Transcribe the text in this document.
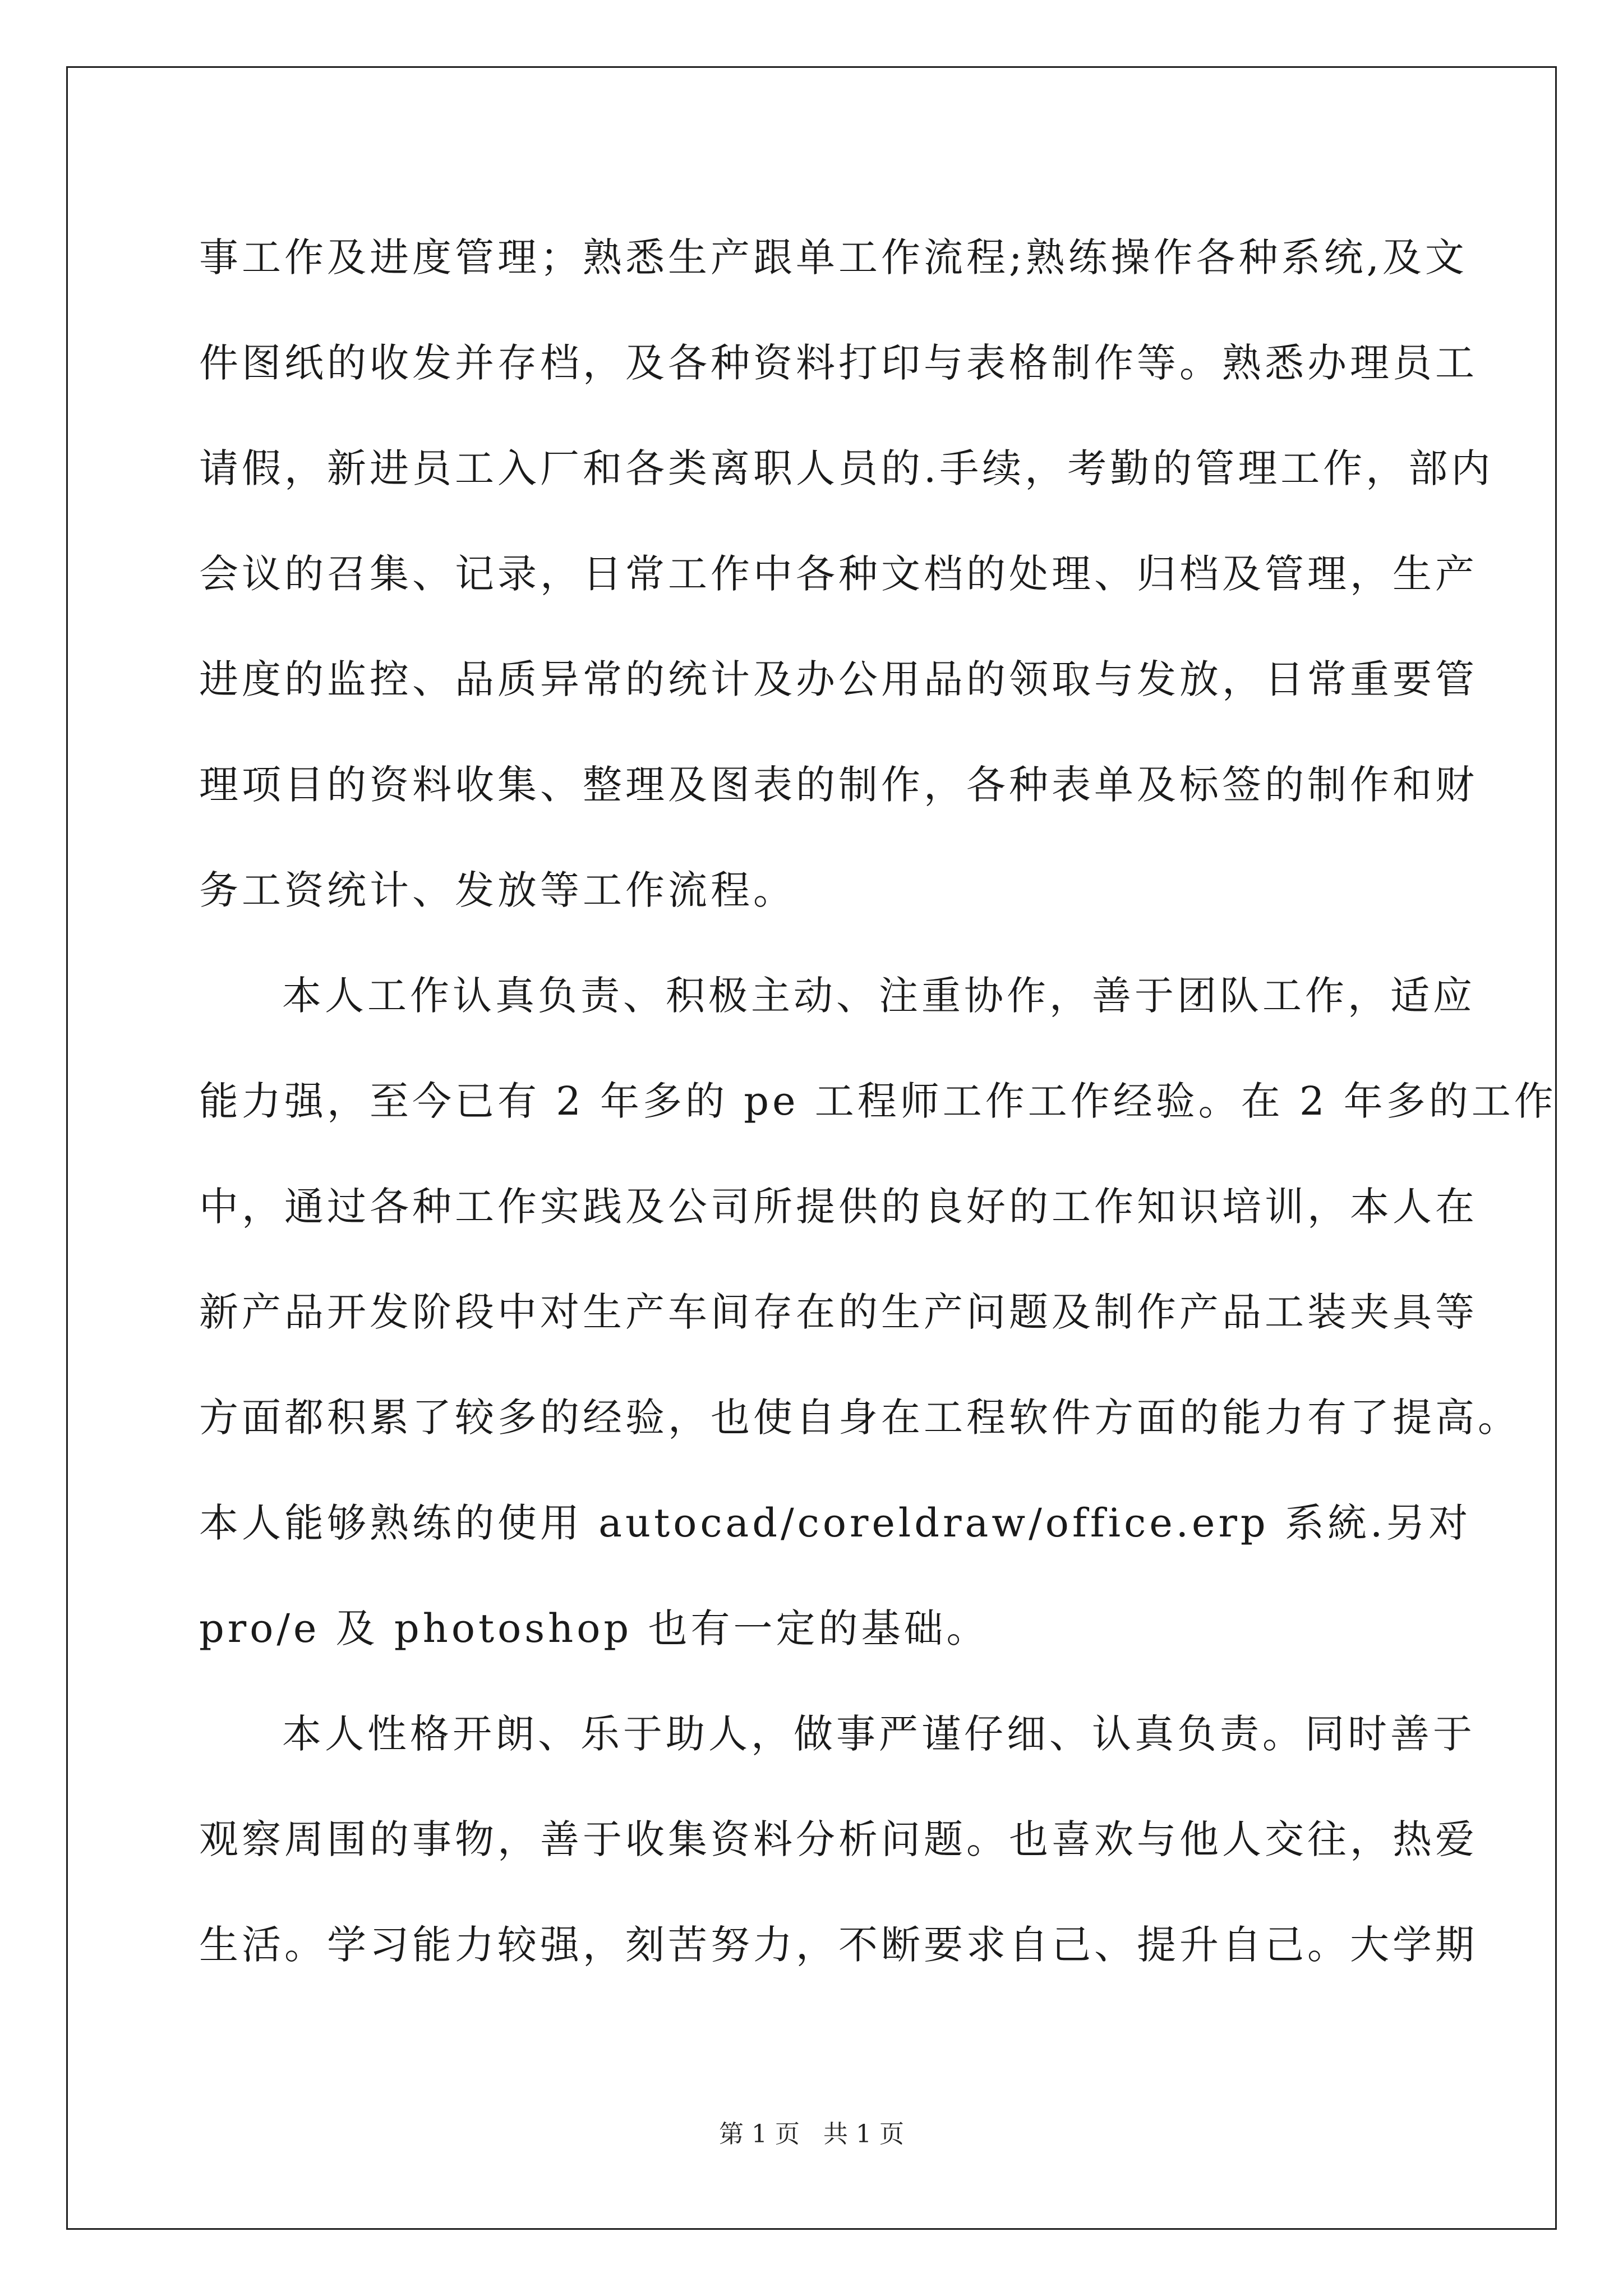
事工作及进度管理；熟悉生产跟单工作流程;熟练操作各种系统,及文
件图纸的收发并存档，及各种资料打印与表格制作等。熟悉办理员工
请假，新进员工入厂和各类离职人员的.手续，考勤的管理工作，部内
会议的召集、记录，日常工作中各种文档的处理、归档及管理，生产
进度的监控、品质异常的统计及办公用品的领取与发放，日常重要管
理项目的资料收集、整理及图表的制作，各种表单及标签的制作和财
务工资统计、发放等工作流程。
本人工作认真负责、积极主动、注重协作，善于团队工作，适应
能力强，至今已有 2 年多的 pe 工程师工作工作经验。在 2 年多的工作
中，通过各种工作实践及公司所提供的良好的工作知识培训，本人在
新产品开发阶段中对生产车间存在的生产问题及制作产品工装夹具等
方面都积累了较多的经验，也使自身在工程软件方面的能力有了提高。
本人能够熟练的使用 autocad/coreldraw/office.erp 系統.另对
pro/e 及 photoshop 也有一定的基础。
本人性格开朗、乐于助人，做事严谨仔细、认真负责。同时善于
观察周围的事物，善于收集资料分析问题。也喜欢与他人交往，热爱
生活。学习能力较强，刻苦努力，不断要求自己、提升自己。大学期
第 1 页   共 1 页
